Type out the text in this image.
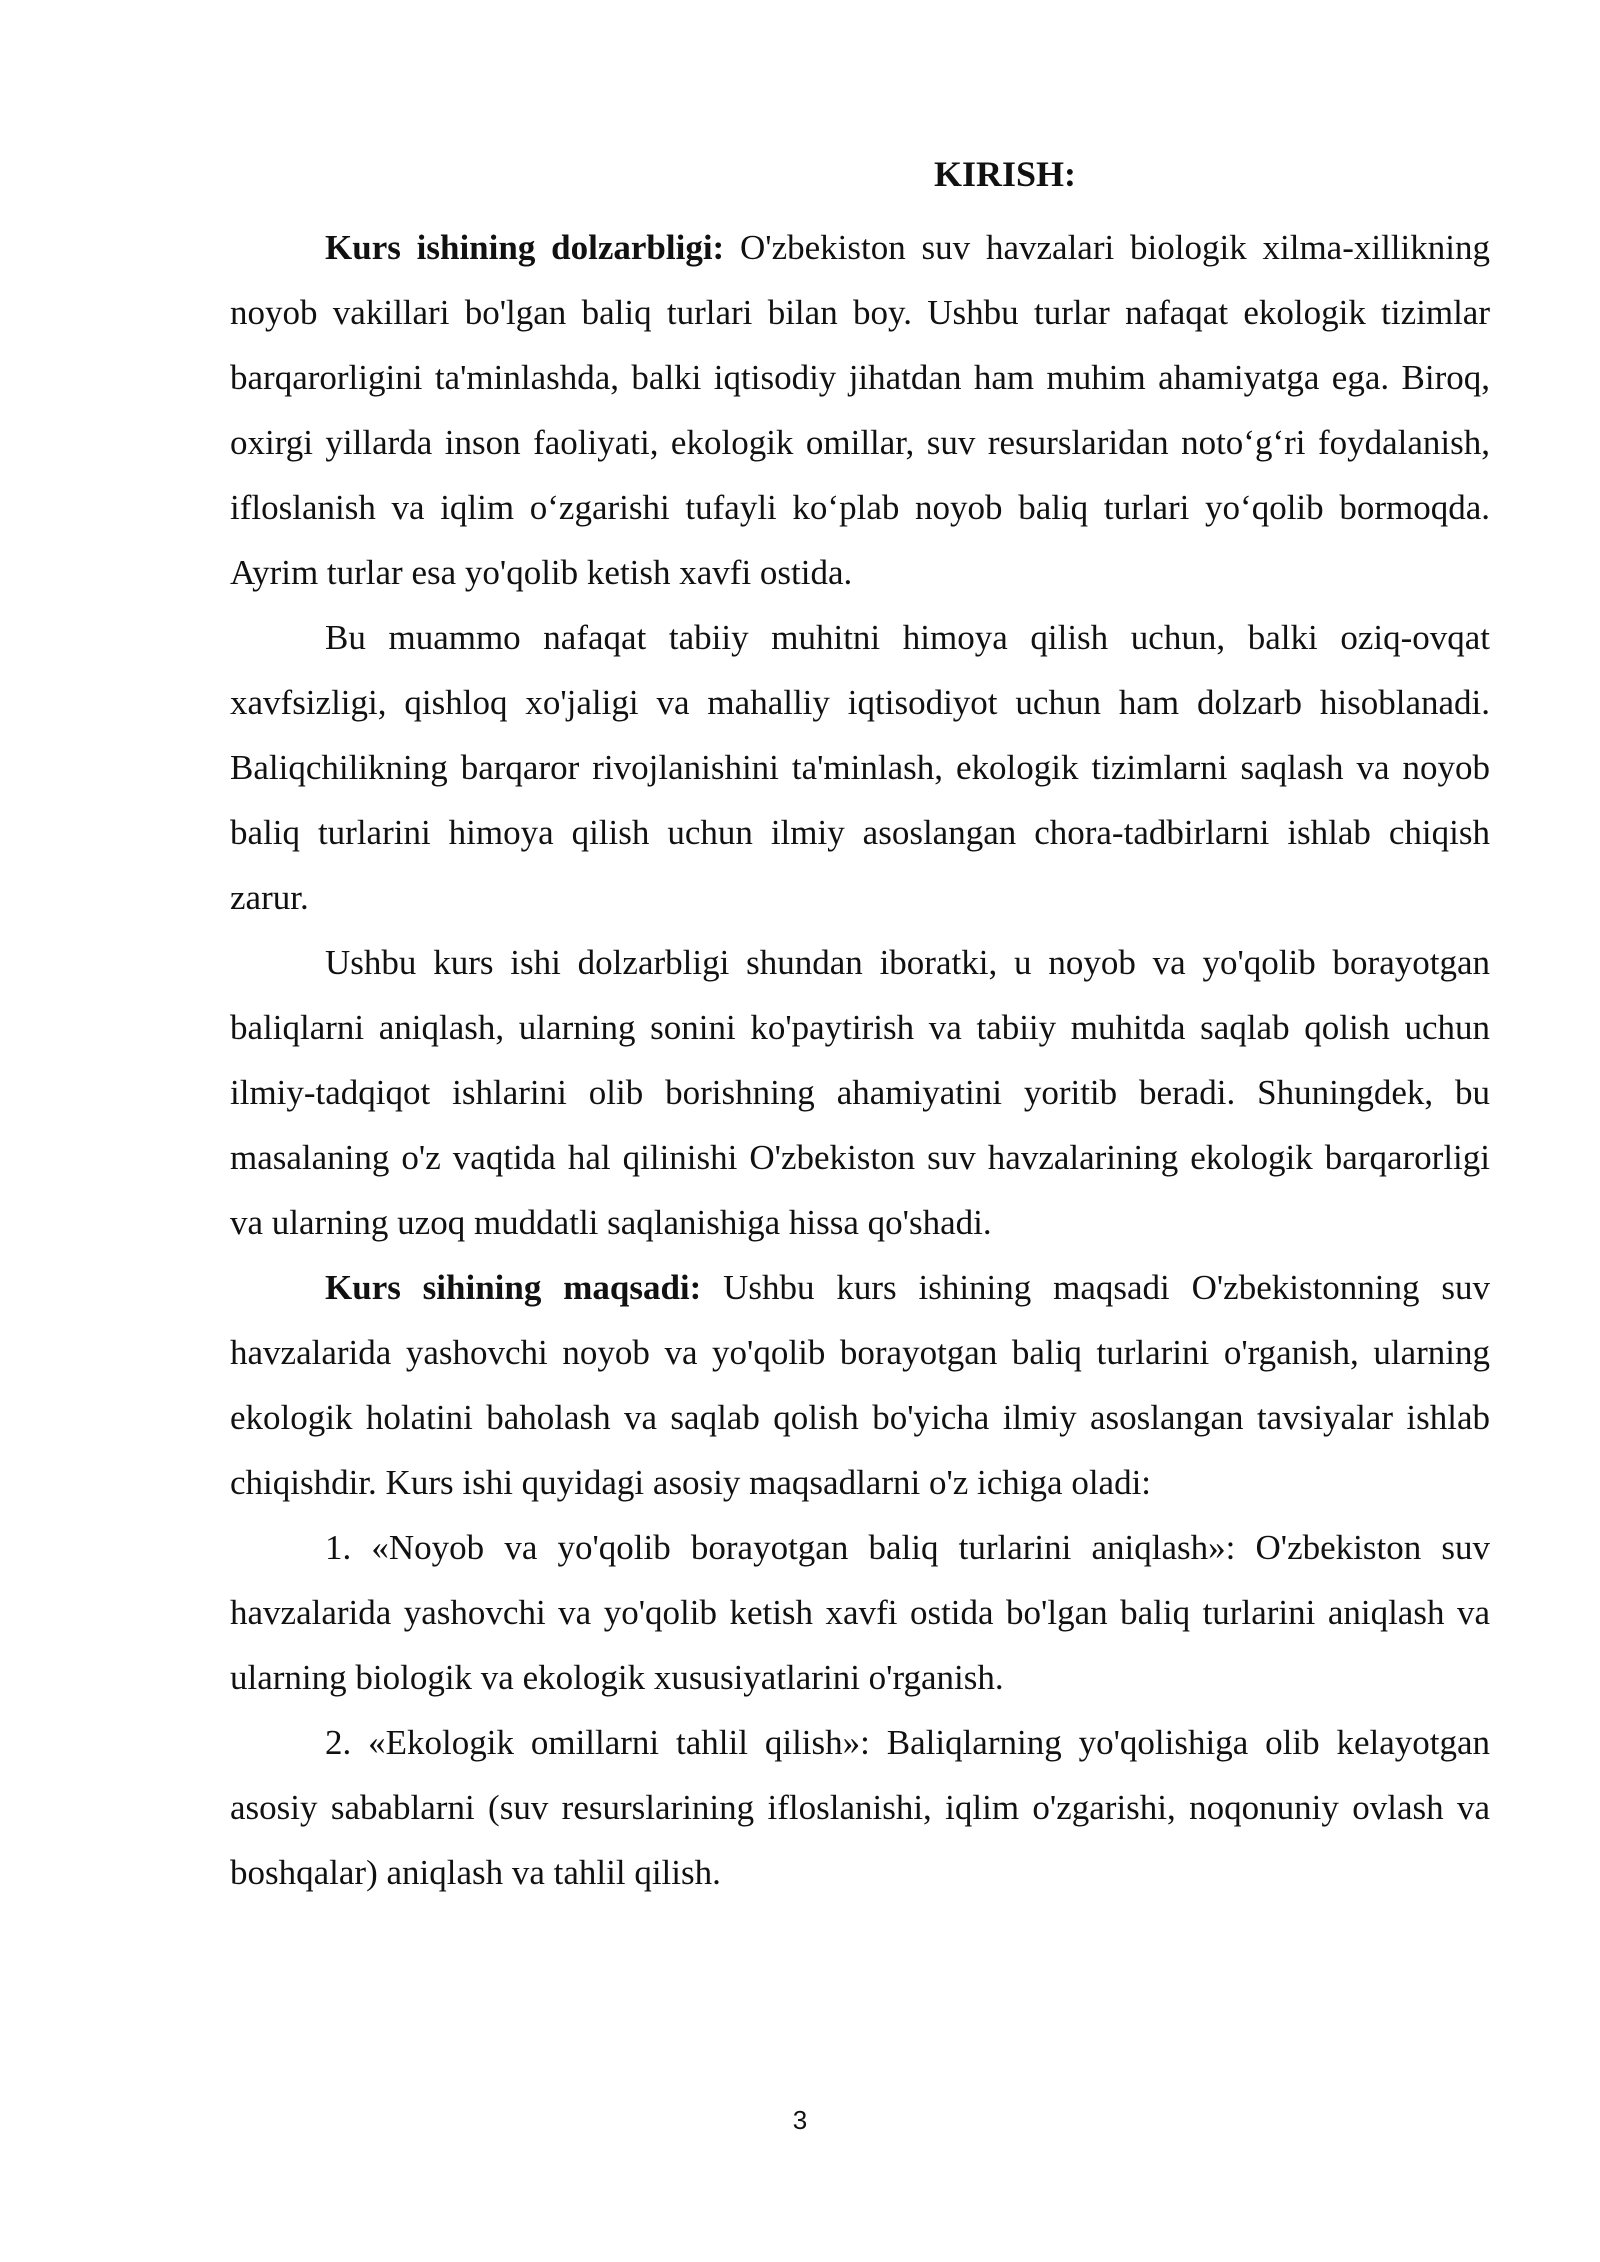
KIRISH:

Kurs ishining dolzarbligi: O'zbekiston suv havzalari biologik xilma-xillikning noyob vakillari bo'lgan baliq turlari bilan boy. Ushbu turlar nafaqat ekologik tizimlar barqarorligini ta'minlashda, balki iqtisodiy jihatdan ham muhim ahamiyatga ega. Biroq, oxirgi yillarda inson faoliyati, ekologik omillar, suv resurslaridan noto‘g‘ri foydalanish, ifloslanish va iqlim o‘zgarishi tufayli ko‘plab noyob baliq turlari yo‘qolib bormoqda. Ayrim turlar esa yo'qolib ketish xavfi ostida.

Bu muammo nafaqat tabiiy muhitni himoya qilish uchun, balki oziq-ovqat xavfsizligi, qishloq xo'jaligi va mahalliy iqtisodiyot uchun ham dolzarb hisoblanadi. Baliqchilikning barqaror rivojlanishini ta'minlash, ekologik tizimlarni saqlash va noyob baliq turlarini himoya qilish uchun ilmiy asoslangan chora-tadbirlarni ishlab chiqish zarur.

Ushbu kurs ishi dolzarbligi shundan iboratki, u noyob va yo'qolib borayotgan baliqlarni aniqlash, ularning sonini ko'paytirish va tabiiy muhitda saqlab qolish uchun ilmiy-tadqiqot ishlarini olib borishning ahamiyatini yoritib beradi. Shuningdek, bu masalaning o'z vaqtida hal qilinishi O'zbekiston suv havzalarining ekologik barqarorligi va ularning uzoq muddatli saqlanishiga hissa qo'shadi.

Kurs sihining maqsadi: Ushbu kurs ishining maqsadi O'zbekistonning suv havzalarida yashovchi noyob va yo'qolib borayotgan baliq turlarini o'rganish, ularning ekologik holatini baholash va saqlab qolish bo'yicha ilmiy asoslangan tavsiyalar ishlab chiqishdir. Kurs ishi quyidagi asosiy maqsadlarni o'z ichiga oladi:

1. «Noyob va yo'qolib borayotgan baliq turlarini aniqlash»: O'zbekiston suv havzalarida yashovchi va yo'qolib ketish xavfi ostida bo'lgan baliq turlarini aniqlash va ularning biologik va ekologik xususiyatlarini o'rganish.

2. «Ekologik omillarni tahlil qilish»: Baliqlarning yo'qolishiga olib kelayotgan asosiy sabablarni (suv resurslarining ifloslanishi, iqlim o'zgarishi, noqonuniy ovlash va boshqalar) aniqlash va tahlil qilish.

3
